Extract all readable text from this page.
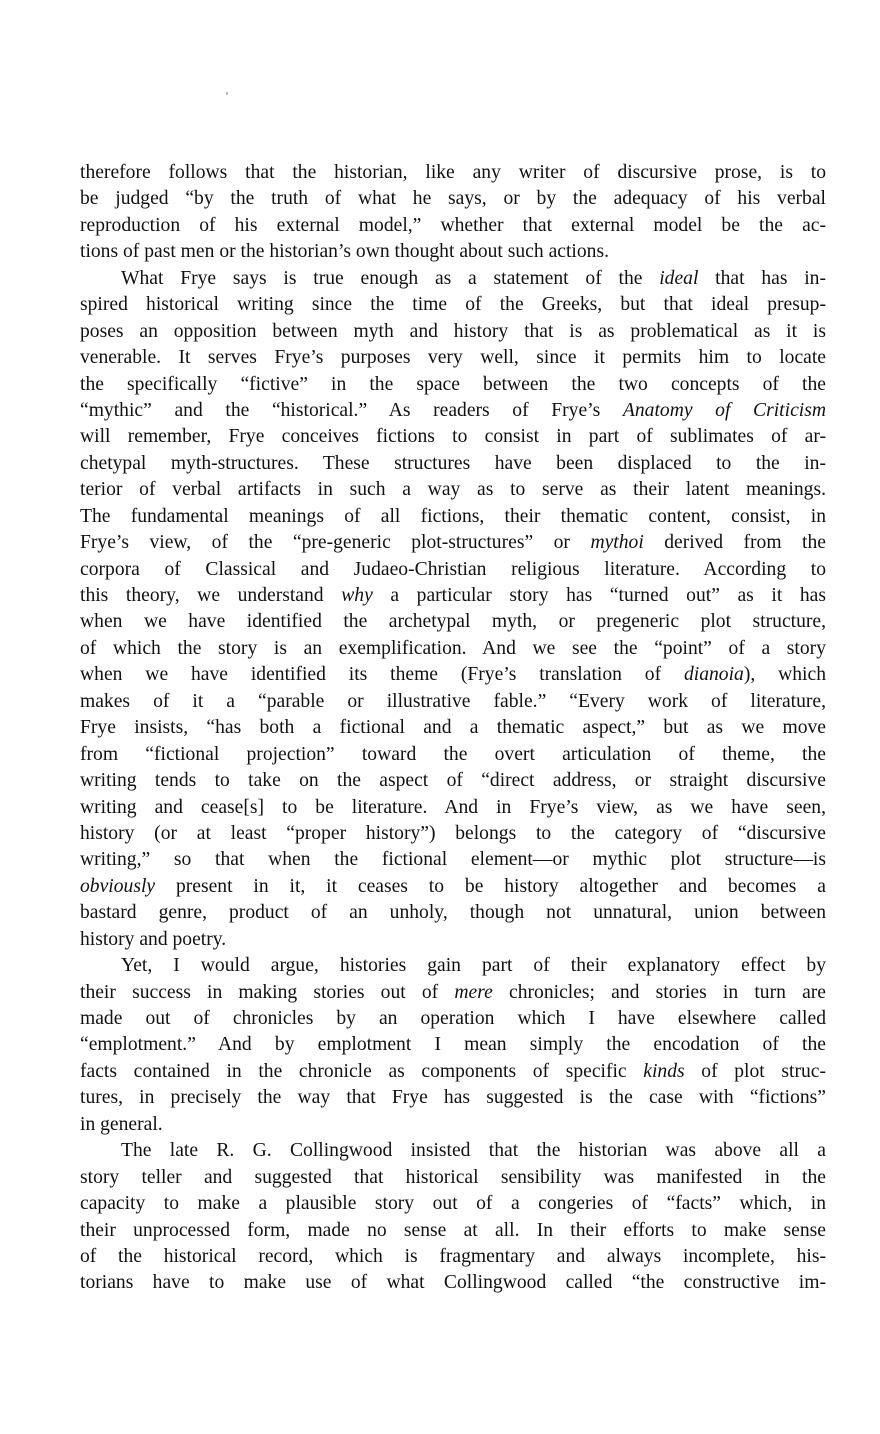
therefore follows that the historian, like any writer of discursive prose, is to
be judged “by the truth of what he says, or by the adequacy of his verbal
reproduction of his external model,” whether that external model be the ac-
tions of past men or the historian’s own thought about such actions.
What Frye says is true enough as a statement of the ideal that has in-
spired historical writing since the time of the Greeks, but that ideal presup-
poses an opposition between myth and history that is as problematical as it is
venerable. It serves Frye’s purposes very well, since it permits him to locate
the specifically “fictive” in the space between the two concepts of the
“mythic” and the “historical.” As readers of Frye’s Anatomy of Criticism
will remember, Frye conceives fictions to consist in part of sublimates of ar-
chetypal myth-structures. These structures have been displaced to the in-
terior of verbal artifacts in such a way as to serve as their latent meanings.
The fundamental meanings of all fictions, their thematic content, consist, in
Frye’s view, of the “pre-generic plot-structures” or mythoi derived from the
corpora of Classical and Judaeo-Christian religious literature. According to
this theory, we understand why a particular story has “turned out” as it has
when we have identified the archetypal myth, or pregeneric plot structure,
of which the story is an exemplification. And we see the “point” of a story
when we have identified its theme (Frye’s translation of dianoia), which
makes of it a “parable or illustrative fable.” “Every work of literature,
Frye insists, “has both a fictional and a thematic aspect,” but as we move
from “fictional projection” toward the overt articulation of theme, the
writing tends to take on the aspect of “direct address, or straight discursive
writing and cease[s] to be literature. And in Frye’s view, as we have seen,
history (or at least “proper history”) belongs to the category of “discursive
writing,” so that when the fictional element—or mythic plot structure—is
obviously present in it, it ceases to be history altogether and becomes a
bastard genre, product of an unholy, though not unnatural, union between
history and poetry.
Yet, I would argue, histories gain part of their explanatory effect by
their success in making stories out of mere chronicles; and stories in turn are
made out of chronicles by an operation which I have elsewhere called
“emplotment.” And by emplotment I mean simply the encodation of the
facts contained in the chronicle as components of specific kinds of plot struc-
tures, in precisely the way that Frye has suggested is the case with “fictions”
in general.
The late R. G. Collingwood insisted that the historian was above all a
story teller and suggested that historical sensibility was manifested in the
capacity to make a plausible story out of a congeries of “facts” which, in
their unprocessed form, made no sense at all. In their efforts to make sense
of the historical record, which is fragmentary and always incomplete, his-
torians have to make use of what Collingwood called “the constructive im-
